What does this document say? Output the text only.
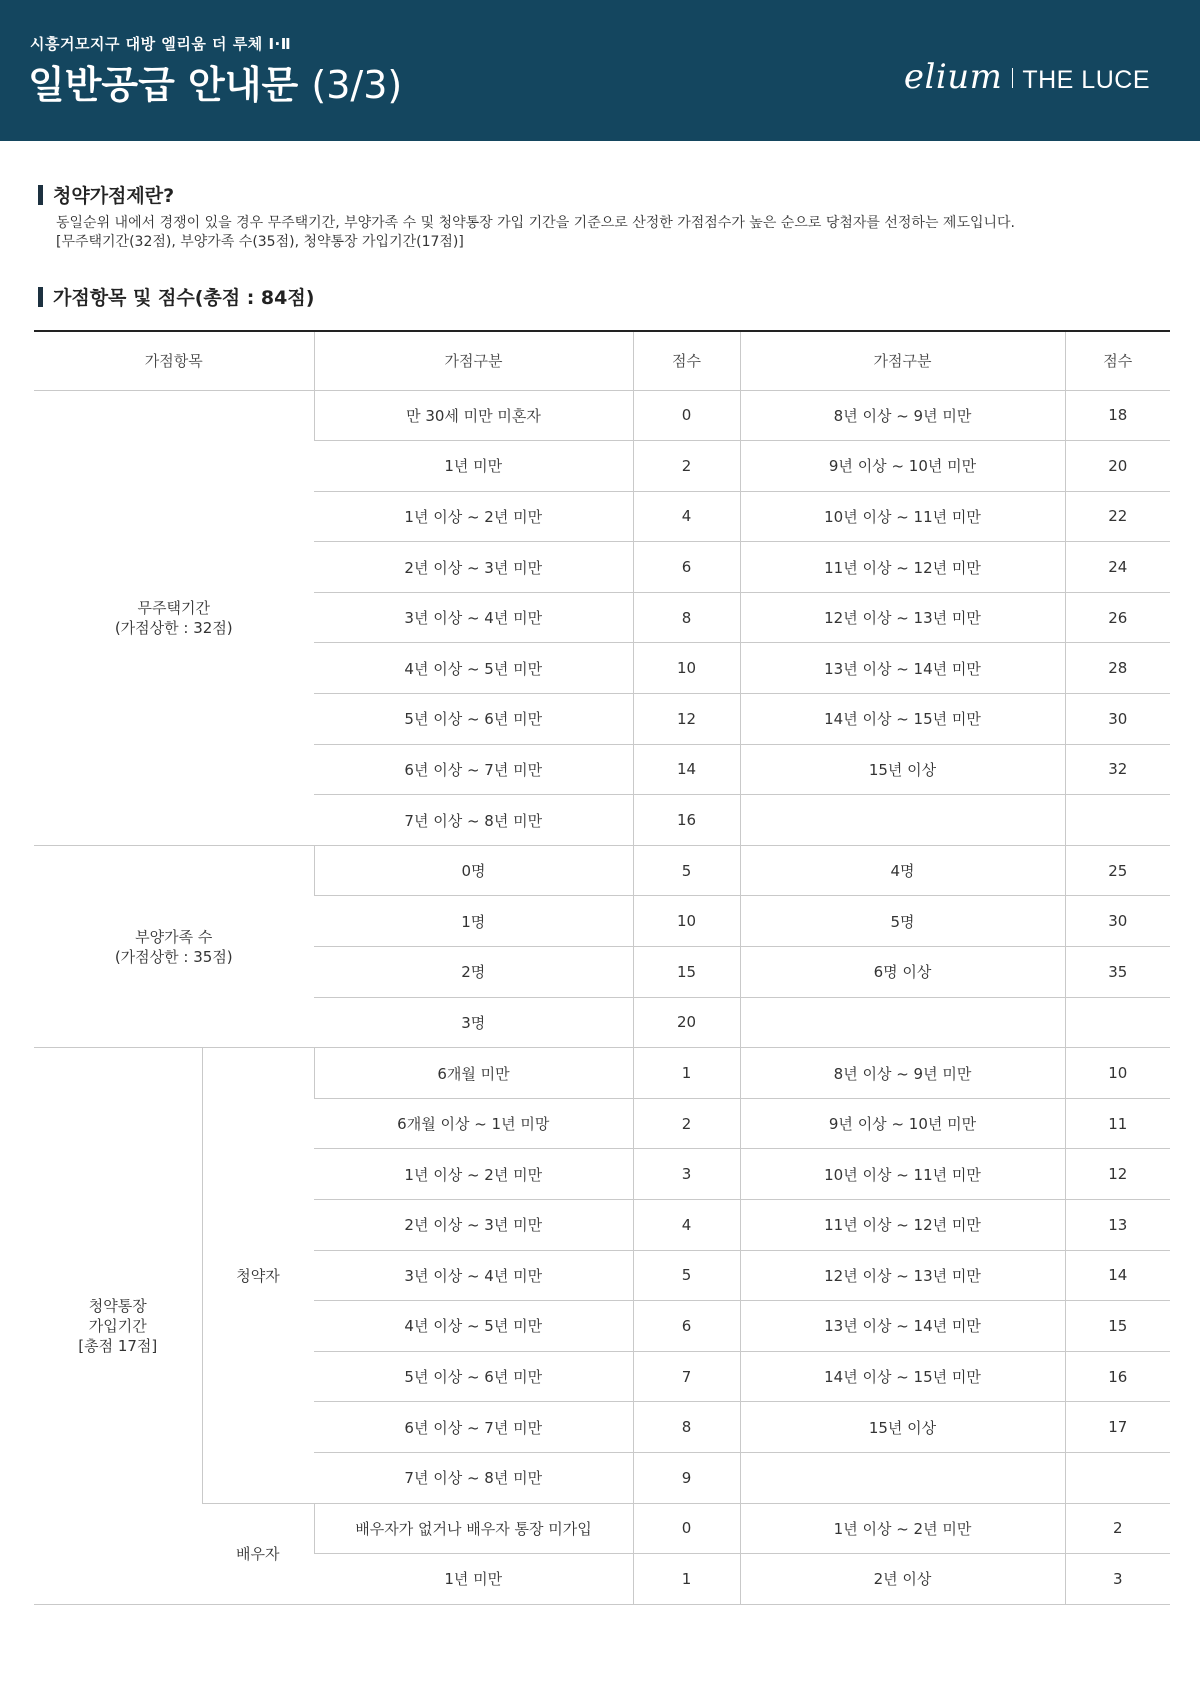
시흥거모지구 대방 엘리움 더 루체 Ⅰ·Ⅱ
일반공급 안내문 (3/3)	elium THE LUCE
청약가점제란?
동일순위 내에서 경쟁이 있을 경우 무주택기간, 부양가족 수 및 청약통장 가입 기간을 기준으로 산정한 가점점수가 높은 순으로 당첨자를 선정하는 제도입니다.
[무주택기간(32점), 부양가족 수(35점), 청약통장 가입기간(17점)]
가점항목 및 점수(총점 : 84점)
가점항목		가점구분	점수	가점구분	점수

무주택기간
(가점상한 : 32점)		만 30세 미만 미혼자	0	8년 이상 ~ 9년 미만	18
		1년 미만	2	9년 이상 ~ 10년 미만	20
		1년 이상 ~ 2년 미만	4	10년 이상 ~ 11년 미만	22
		2년 이상 ~ 3년 미만	6	11년 이상 ~ 12년 미만	24
		3년 이상 ~ 4년 미만	8	12년 이상 ~ 13년 미만	26
		4년 이상 ~ 5년 미만	10	13년 이상 ~ 14년 미만	28
		5년 이상 ~ 6년 미만	12	14년 이상 ~ 15년 미만	30
		6년 이상 ~ 7년 미만	14	15년 이상	32
		7년 이상 ~ 8년 미만	16		

부양가족 수
(가점상한 : 35점)		0명	5	4명	25
		1명	10	5명	30
		2명	15	6명 이상	35
		3명	20		

청약통장
가입기간
[총점 17점]	청약자	6개월 미만	1	8년 이상 ~ 9년 미만	10
		6개월 이상 ~ 1년 미망	2	9년 이상 ~ 10년 미만	11
		1년 이상 ~ 2년 미만	3	10년 이상 ~ 11년 미만	12
		2년 이상 ~ 3년 미만	4	11년 이상 ~ 12년 미만	13
		3년 이상 ~ 4년 미만	5	12년 이상 ~ 13년 미만	14
		4년 이상 ~ 5년 미만	6	13년 이상 ~ 14년 미만	15
		5년 이상 ~ 6년 미만	7	14년 이상 ~ 15년 미만	16
		6년 이상 ~ 7년 미만	8	15년 이상	17
		7년 이상 ~ 8년 미만	9		
	배우자	배우자가 없거나 배우자 통장 미가입	0	1년 이상 ~ 2년 미만	2
		1년 미만	1	2년 이상	3
